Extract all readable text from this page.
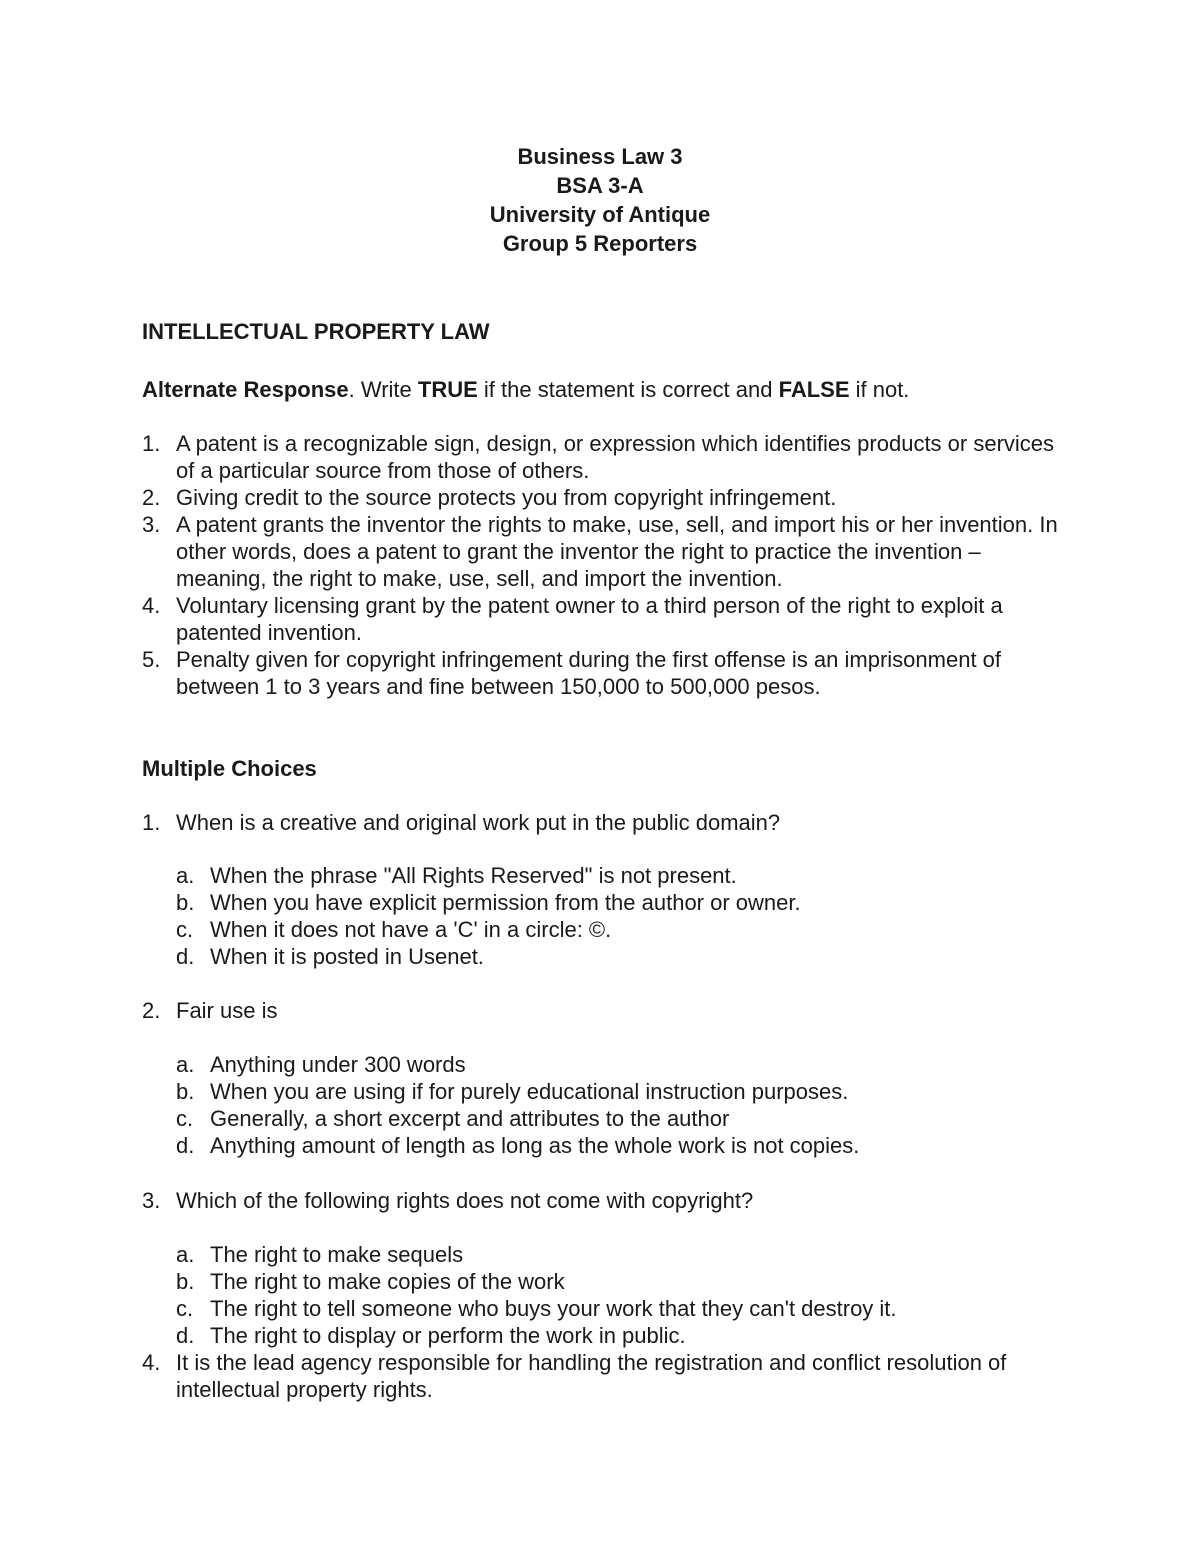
Business Law 3
BSA 3-A
University of Antique
Group 5 Reporters
INTELLECTUAL PROPERTY LAW
Alternate Response. Write TRUE if the statement is correct and FALSE if not.
1. A patent is a recognizable sign, design, or expression which identifies products or services of a particular source from those of others.
2. Giving credit to the source protects you from copyright infringement.
3. A patent grants the inventor the rights to make, use, sell, and import his or her invention. In other words, does a patent to grant the inventor the right to practice the invention – meaning, the right to make, use, sell, and import the invention.
4. Voluntary licensing grant by the patent owner to a third person of the right to exploit a patented invention.
5. Penalty given for copyright infringement during the first offense is an imprisonment of between 1 to 3 years and fine between 150,000 to 500,000 pesos.
Multiple Choices
1. When is a creative and original work put in the public domain?
a. When the phrase "All Rights Reserved" is not present.
b. When you have explicit permission from the author or owner.
c. When it does not have a 'C' in a circle: ©.
d. When it is posted in Usenet.
2. Fair use is
a. Anything under 300 words
b. When you are using if for purely educational instruction purposes.
c. Generally, a short excerpt and attributes to the author
d. Anything amount of length as long as the whole work is not copies.
3. Which of the following rights does not come with copyright?
a. The right to make sequels
b. The right to make copies of the work
c. The right to tell someone who buys your work that they can't destroy it.
d. The right to display or perform the work in public.
4. It is the lead agency responsible for handling the registration and conflict resolution of intellectual property rights.
